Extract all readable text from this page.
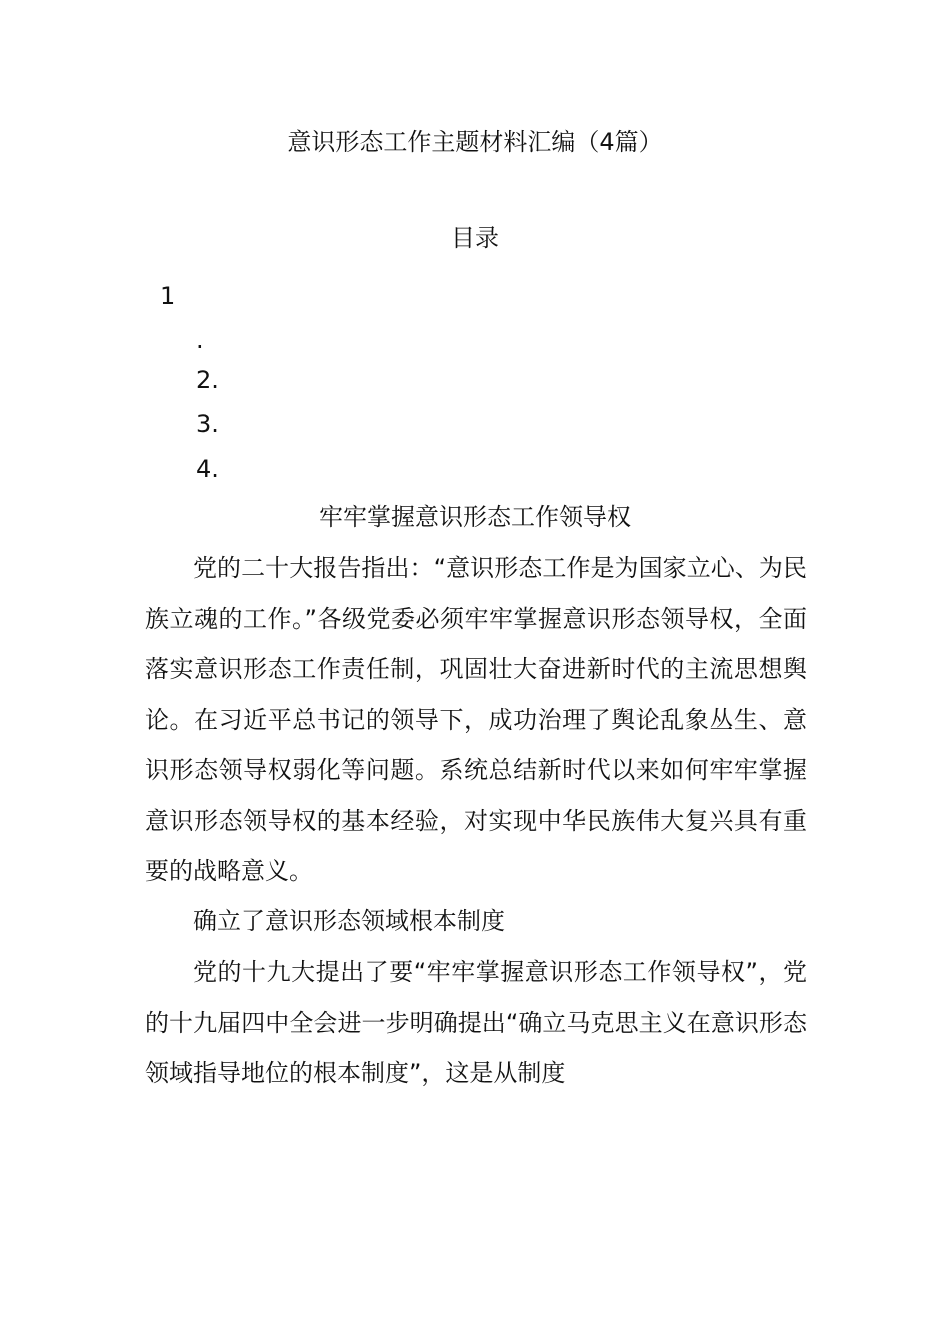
意识形态工作主题材料汇编（4篇）
目录
1
.
2.
3.
4.
牢牢掌握意识形态工作领导权

党的二十大报告指出：“意识形态工作是为国家立心、为民族立魂的工作。”各级党委必须牢牢掌握意识形态领导权，全面落实意识形态工作责任制，巩固壮大奋进新时代的主流思想舆论。在习近平总书记的领导下，成功治理了舆论乱象丛生、意识形态领导权弱化等问题。系统总结新时代以来如何牢牢掌握意识形态领导权的基本经验，对实现中华民族伟大复兴具有重要的战略意义。

确立了意识形态领域根本制度

党的十九大提出了要“牢牢掌握意识形态工作领导权”，党的十九届四中全会进一步明确提出“确立马克思主义在意识形态领域指导地位的根本制度”，这是从制度
